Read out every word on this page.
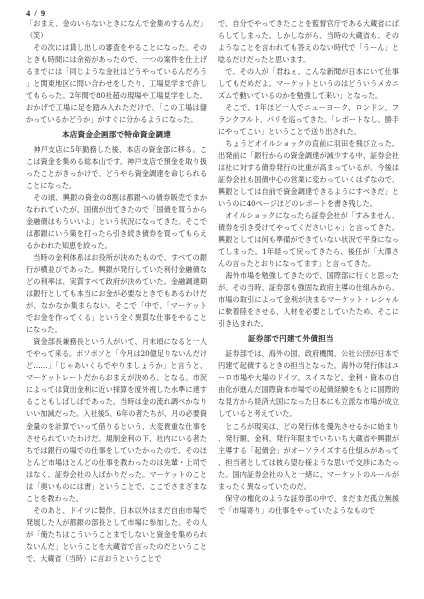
4 / 9

「おまえ、金のいらないときになんで金集めするんだ」（笑）

　その次には貸し出しの審査をやることになった。そのときも時間には余裕があったので、一つの案件を仕上げるまでには「同じような金社はどうやっているんだろう」と関東地区に問い合わせをしたり、工場見学まで許してもらった。2年間で80社超の現場や工場見学をした。おかげで工場に足を踏み入れただけで、「この工場は儲かっているかどうか」がすぐに分かるようになった。

本店資金企画部で特命資金調達

　神戸支店に5年勤務した後、本店の資金部に移る。ここは資金を集める総本山です。神戸支店で預金を取り扱ったことがきっかけで、どうやら資金調達を命じられることになった。

　その頃、興銀の資金の8割は都銀への債券販売でまかなわれていたが、国債が出てきたので「国債を買うから金融債はもういいよ」という状況になってきた。そこでは都銀にいう策を打ったら引き続き債券を買ってもらえるかわれた知恵を絞った。

　当時の金利体系はお役所が決めたもので、すべての銀行が横並びであった。興銀が発行していた利付金融債などの利率は、実質すべて政府が決めていた。金融調達期は銀行としても本当にお金が必要なときでもあるわけだが、なかなか集まらない。そこで「中で、「マーケットでお金を作ってくる」という全く異質な仕事をやることになった。

　資金部長兼務長という人がいて、月末頃になると一人でやって来る。ボソボソと「今月は20億足りないんだけど……」「じゃあいくらでやりましょうか」と言うと、マーケットレートだからおまえが決めろ、となる。市況によっては貸出金利に近い採算を度外視した水準に達することもしばしばであった。当時は金の流れ調べかなりいい加減だった。入社後5、6年の者たちが、月の必要資金量のを計算でいって借りるという、大変貴重な仕事をさせられていたわけだ。規制金利の下、社内にいる者たちでは銀行の場での仕事をしていたかったので、そのほとんど市場ほとんどの仕事を教わったのは先輩・上司ではなく、証券会社の人ばかりだった。マーケットのことは「奥いものには書」ということで、ここでさまざまなことを教わった。

　そのあと、ドイツに製作、日本以外はまだ自由市場で発展した人が都銀の部長として市場に参加した。その人が「俺たちはこういうことまでしないと資金を集められないんだ」ということを大蔵省で言ったのだということで、大蔵省（当時）に言おうということで

で、自分でやってきたことを監督官庁である大蔵省にばらしてしまった。しかしながら、当時の大蔵省も、そのようなことを言われても答えのない時代で「うーん」と唸るだけだったと思います。

　で、その人が「君ねぇ、こんな新聞が日本にいて仕事してもだめだよ。マーケットというのはどういうメカニズムで動いているのかを勉強して来い」となった。

　そこで、1年ほど一人でニューヨーク、ロンドン、フランクフルト、パリを巡ってきた。「レポートなし、勝手にやってこい」ということで送り出された。

　ちょうどオイルショックの直前に羽田を飛び立った。出発前に「銀行からの資金調達が減少する中、証券会社は社に対する債券発行の比重が高まっているが、今後は証券会社も国債中心の営業に変わっていくはずなので、興銀としては自前で資金調達できるようにすべきだ」というのに40ページほどのレポートを書き残した。

　オイルショックになったら証券会社が「すみません、債券を引き受けてやってくださいじゃ」と言ってきた。興銀としては何も準備ができていない状況で平身になってしまった。1年経って戻ってきたら、後任が「大澤さんの言ったとおりになってます」と言ってきた。

　海外市場を勉強してきたので、国際部に行くと思ったが、その当時、証券部も強固な政府主導の仕組みから、市場の取引によって金利が決まるマーケット・レシャルに軟着陸をさせる、人材を必要としていたため、そこに引き込まれた。

証券部で円建て外債担当

　証券部では、海外の国、政府機関、公社公団が日本で円建て起債するときの担当となった。海外の発行体はユーロ市場や大場のドイツ、スイスなど、金利・資本の自由化が進んだ国際資本市場での起債経験をもとに国際的な見方から経済大国になった日本にも立派な市場が成立していると考えていた。

　ところが現実は、どの発行体を優先させるかに始まり、発行額、金利、発行年限までいちいち大蔵省や興銀が主導する「起債会」がオーソライズする仕組みがあって、担当者としては彼ら望む様ような思いで交渉にあたった。国内証券会社の人と一緒に、マーケットのルールがまったく異なっていたのだ。

　保守の権化のような証券部の中で、まだまだ孤立無援で「市場寄り」の仕事をやっていたようなもので
